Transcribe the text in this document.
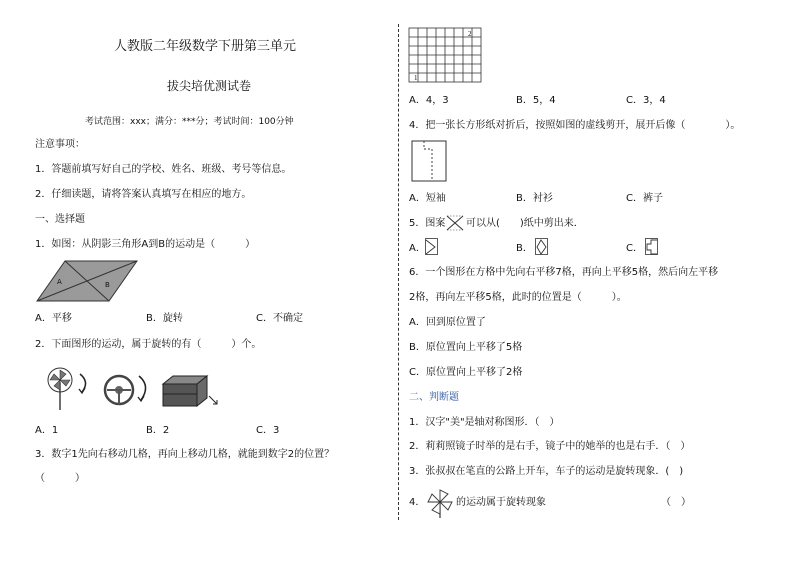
人教版二年级数学下册第三单元
拔尖培优测试卷
考试范围：xxx；满分：***分；考试时间：100分钟
注意事项：
1．答题前填写好自己的学校、姓名、班级、考号等信息。
2．仔细读题，请将答案认真填写在相应的地方。
一、选择题
1．如图：从阴影三角形A到B的运动是（　　　）
A	B
A．平移	B．旋转	C．不确定
2．下面图形的运动，属于旋转的有（　　　）个。
A．1	B．2	C．3
3．数字1先向右移动几格，再向上移动几格，就能到数字2的位置？
（　　　）
2
1
A．4，3	B．5，4	C．3，4
4．把一张长方形纸对折后，按照如图的虚线剪开，展开后像（　　　　）。
A．短袖	B．衬衫	C．裤子
5．图案 可以从(　　)纸中剪出来．
A．	B．	C．
6．一个图形在方格中先向右平移7格，再向上平移5格，然后向左平移
2格，再向左平移5格，此时的位置是（　　　）。
A．回到原位置了
B．原位置向上平移了5格
C．原位置向上平移了2格
二、判断题
1．汉字"美"是轴对称图形．（　）
2．莉莉照镜子时举的是右手，镜子中的她举的也是右手．（　）
3．张叔叔在笔直的公路上开车，车子的运动是旋转现象．(　)
4．	的运动属于旋转现象	（　）
